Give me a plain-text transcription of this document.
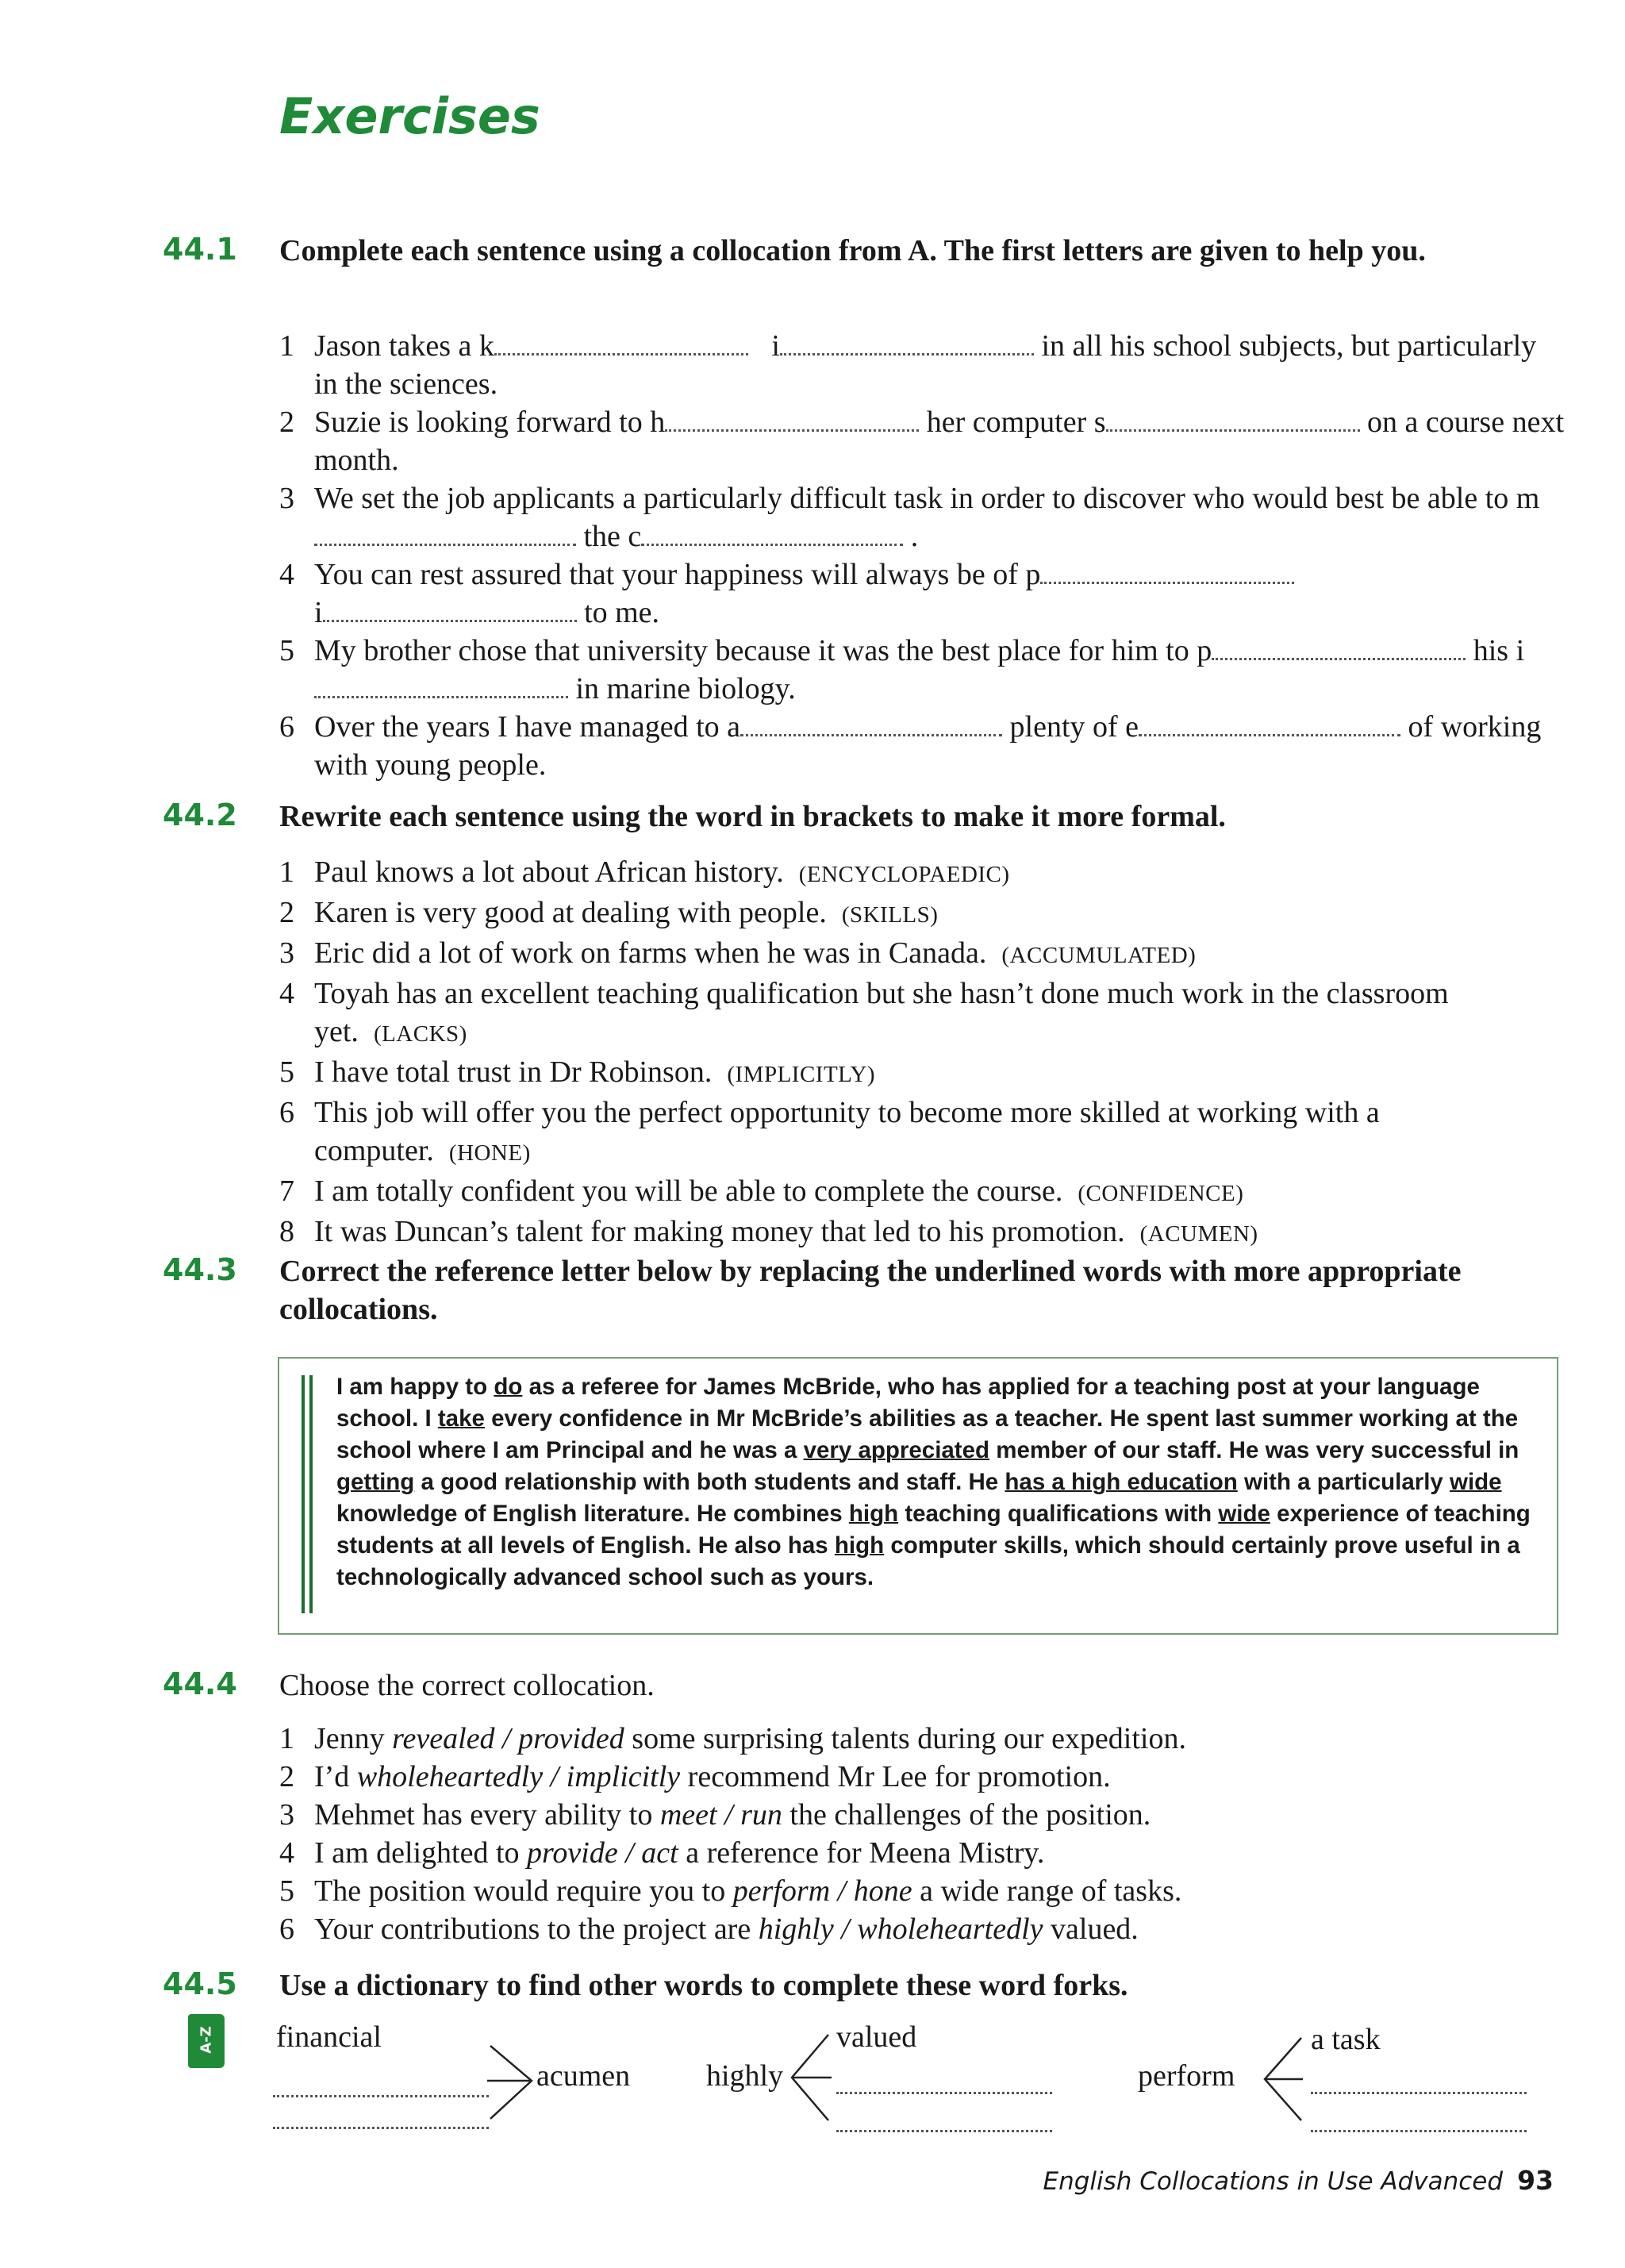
Exercises
44.1 Complete each sentence using a collocation from A. The first letters are given to help you.
1 Jason takes a k	i	in all his school subjects, but particularly in the sciences.
2 Suzie is looking forward to h	her computer s	on a course next month.
3 We set the job applicants a particularly difficult task in order to discover who would best be able to m the c	.
4 You can rest assured that your happiness will always be of p
i	to me.
5 My brother chose that university because it was the best place for him to p	his i in marine biology.
6 Over the years I have managed to a	plenty of e	of working with young people.
44.2 Rewrite each sentence using the word in brackets to make it more formal.
1 Paul knows a lot about African history. (ENCYCLOPAEDIC)
2 Karen is very good at dealing with people. (SKILLS)
3 Eric did a lot of work on farms when he was in Canada. (ACCUMULATED)
4 Toyah has an excellent teaching qualification but she hasn’t done much work in the classroom yet. (LACKS)
5 I have total trust in Dr Robinson. (IMPLICITLY)
6 This job will offer you the perfect opportunity to become more skilled at working with a computer. (HONE)
7 I am totally confident you will be able to complete the course. (CONFIDENCE)
8 It was Duncan’s talent for making money that led to his promotion. (ACUMEN)
44.3 Correct the reference letter below by replacing the underlined words with more appropriate collocations.
I am happy to do as a referee for James McBride, who has applied for a teaching post at your language school. I take every confidence in Mr McBride’s abilities as a teacher. He spent last summer working at the school where I am Principal and he was a very appreciated member of our staff. He was very successful in getting a good relationship with both students and staff. He has a high education with a particularly wide knowledge of English literature. He combines high teaching qualifications with wide experience of teaching students at all levels of English. He also has high computer skills, which should certainly prove useful in a technologically advanced school such as yours.
44.4 Choose the correct collocation.
1 Jenny revealed / provided some surprising talents during our expedition.
2 I’d wholeheartedly / implicitly recommend Mr Lee for promotion.
3 Mehmet has every ability to meet / run the challenges of the position.
4 I am delighted to provide / act a reference for Meena Mistry.
5 The position would require you to perform / hone a wide range of tasks.
6 Your contributions to the project are highly / wholeheartedly valued.
44.5 Use a dictionary to find other words to complete these word forks.
A-Z financial
acumen	highly
valued
perform
a task
English Collocations in Use Advanced 93
